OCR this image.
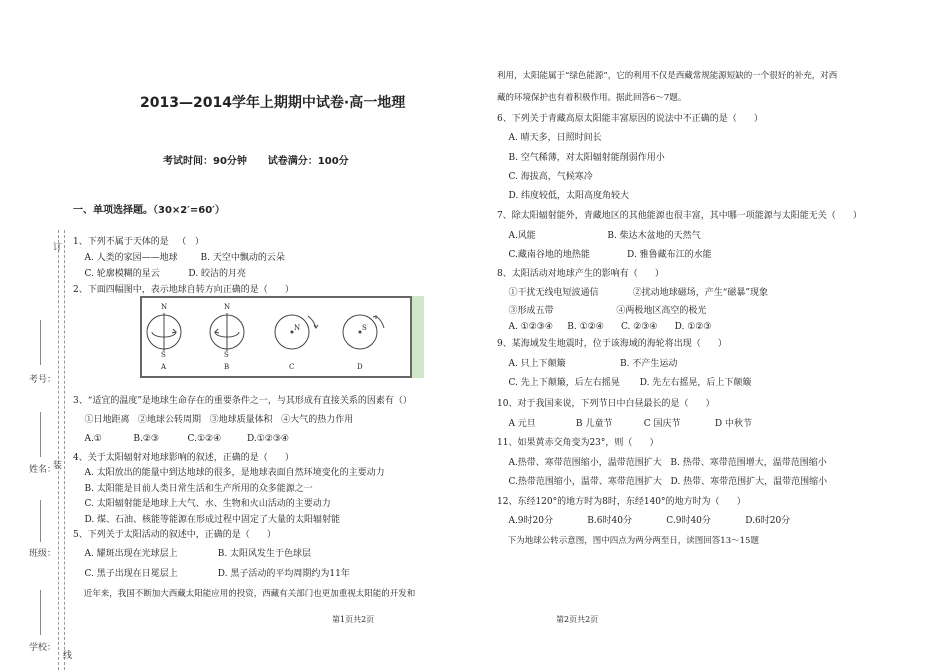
订
考号：
装
姓名：
班级：
学校：
线
2013—2014学年上期期中试卷·高一地理
考试时间：90分钟      试卷满分：100分
一、单项选择题。（30×2′=60′）
1、下列不属于天体的是   （   ）
A. 人类的家园——地球        B. 天空中飘动的云朵
C. 轮廓模糊的星云          D. 皎洁的月亮
2、下面四幅图中，表示地球自转方向正确的是（      ）
N
S
A
N
S
B
N
C
S
D
3、“适宜的温度”是地球生命存在的重要条件之一，与其形成有直接关系的因素有（）
①日地距离   ②地球公转周期   ③地球质量体积   ④大气的热力作用
A.①           B.②③          C.①②④         D.①②③④
4、关于太阳辐射对地球影响的叙述，正确的是（      ）
A. 太阳放出的能量中到达地球的很多，是地球表面自然环境变化的主要动力
B. 太阳能是目前人类日常生活和生产所用的众多能源之一
C. 太阳辐射能是地球上大气、水、生物和火山活动的主要动力
D. 煤、石油、核能等能源在形成过程中固定了大量的太阳辐射能
5、下列关于太阳活动的叙述中，正确的是（      ）
A. 耀斑出现在光球层上              B. 太阳风发生于色球层
C. 黑子出现在日冕层上              D. 黑子活动的平均周期约为11年
近年来，我国不断加大西藏太阳能应用的投资，西藏有关部门也更加重视太阳能的开发和
第1页共2页
利用，太阳能属于“绿色能源”，它的利用不仅是西藏常规能源短缺的一个很好的补充，对西
藏的环境保护也有着积极作用。据此回答6～7题。
6、下列关于青藏高原太阳能丰富原因的说法中不正确的是（      ）
A. 晴天多，日照时间长
B. 空气稀薄，对太阳辐射能削弱作用小
C. 海拔高，气候寒冷
D. 纬度较低，太阳高度角较大
7、除太阳辐射能外，青藏地区的其他能源也很丰富，其中哪一项能源与太阳能无关（      ）
A.风能                         B. 柴达木盆地的天然气
C.藏南谷地的地热能             D. 雅鲁藏布江的水能
8、太阳活动对地球产生的影响有（      ）
①干扰无线电短波通信            ②扰动地球磁场，产生“磁暴”现象
③形成五带                      ④两极地区高空的极光
A. ①②③④     B. ①②④      C. ②③④      D. ①②③
9、某海域发生地震时，位于该海域的海轮将出现（      ）
A. 只上下颠簸                   B. 不产生运动
C. 先上下颠簸，后左右摇晃       D. 先左右摇晃，后上下颠簸
10、对于我国来说，下列节日中白昼最长的是（      ）
A 元旦              B 儿童节           C 国庆节            D 中秋节
11、如果黄赤交角变为23°，则（      ）
A.热带、寒带范围缩小，温带范围扩大   B. 热带、寒带范围增大，温带范围缩小
C.热带范围缩小，温带、寒带范围扩大   D. 热带、寒带范围扩大，温带范围缩小
12、东经120°的地方时为8时，东经140°的地方时为（      ）
A.9时20分            B.6时40分            C.9时40分            D.6时20分
下为地球公转示意图，图中四点为两分两至日，读图回答13～15题
第2页共2页
